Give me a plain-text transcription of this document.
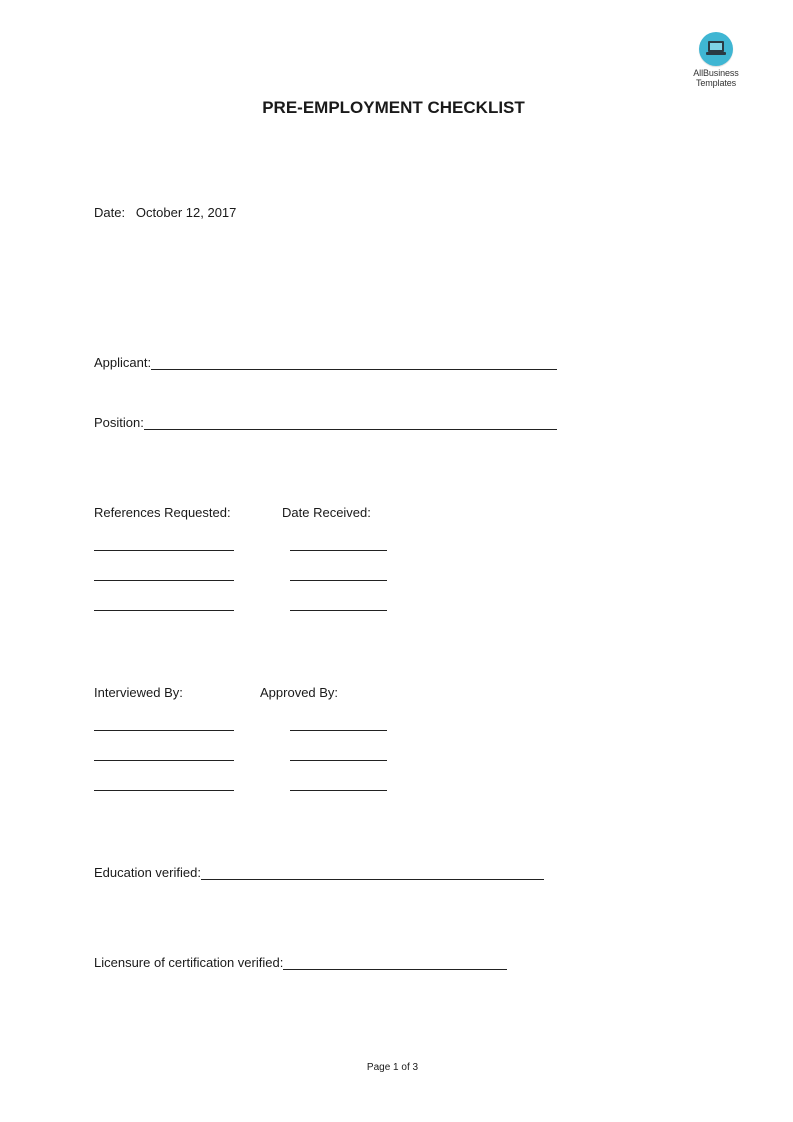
AllBusiness
Templates
PRE-EMPLOYMENT CHECKLIST
Date: October 12, 2017
Applicant:
Position:
References Requested:	Date Received:
Interviewed By:	Approved By:
Education verified:
Licensure of certification verified:
Page 1 of 3
